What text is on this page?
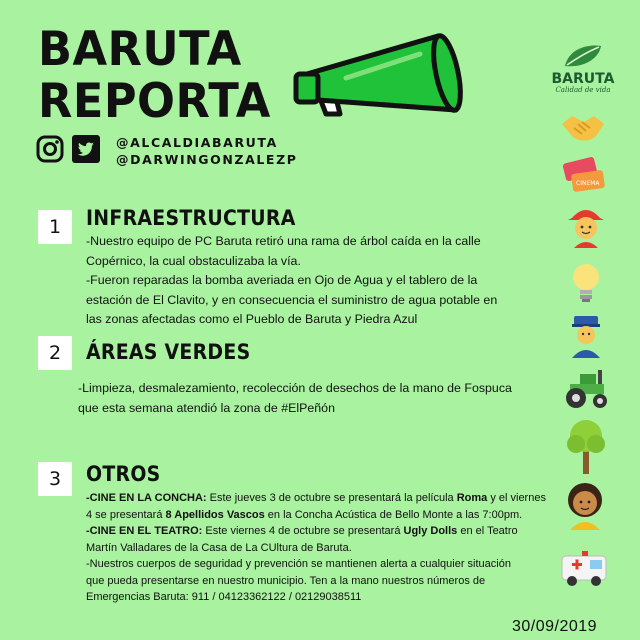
BARUTA
REPORTA
@ALCALDIABARUTA
@DARWINGONZALEZP
BARUTA
Calidad de vida
1	INFRAESTRUCTURA
-Nuestro equipo de PC Baruta retiró una rama de árbol caída en la calle
Copérnico, la cual obstaculizaba la vía.
-Fueron reparadas la bomba averiada en Ojo de Agua y el tablero de la
estación de El Clavito, y en consecuencia el suministro de agua potable en
las zonas afectadas como el Pueblo de Baruta y Piedra Azul
2	ÁREAS VERDES
-Limpieza, desmalezamiento, recolección de desechos de la mano de Fospuca
que esta semana atendió la zona de #ElPeñón
3	OTROS
-CINE EN LA CONCHA: Este jueves 3 de octubre se presentará la película Roma y el viernes
4 se presentará 8 Apellidos Vascos en la Concha Acústica de Bello Monte a las 7:00pm.
-CINE EN EL TEATRO: Este viernes 4 de octubre se presentará Ugly Dolls en el Teatro
Martín Valladares de la Casa de La CUltura de Baruta.
-Nuestros cuerpos de seguridad y prevención se mantienen alerta a cualquier situación
que pueda presentarse en nuestro municipio. Ten a la mano nuestros números de
Emergencias Baruta: 911 / 04123362122 / 02129038511
30/09/2019
CINEMA
